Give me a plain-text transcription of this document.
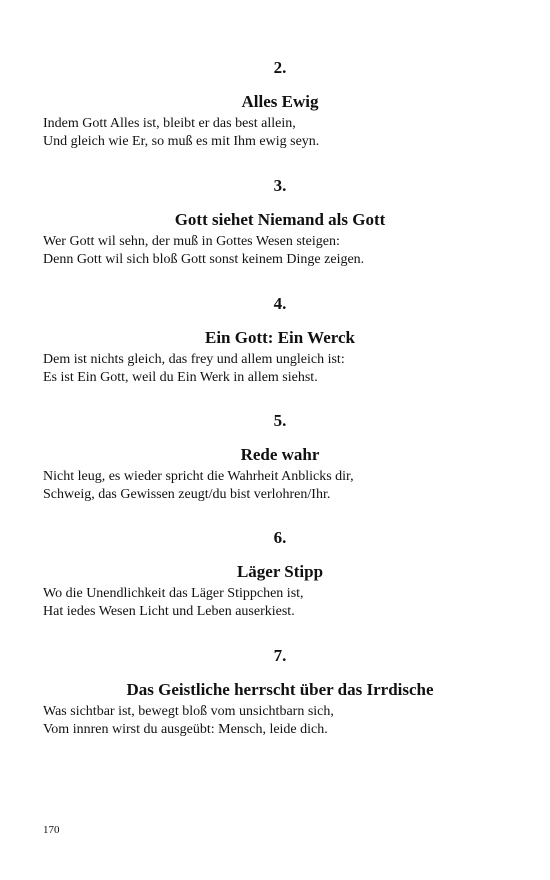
2.
Alles Ewig
Indem Gott Alles ist, bleibt er das best allein,
Und gleich wie Er, so muß es mit Ihm ewig seyn.
3.
Gott siehet Niemand als Gott
Wer Gott wil sehn, der muß in Gottes Wesen steigen:
Denn Gott wil sich bloß Gott sonst keinem Dinge zeigen.
4.
Ein Gott: Ein Werck
Dem ist nichts gleich, das frey und allem ungleich ist:
Es ist Ein Gott, weil du Ein Werk in allem siehst.
5.
Rede wahr
Nicht leug, es wieder spricht die Wahrheit Anblicks dir,
Schweig, das Gewissen zeugt/du bist verlohren/Ihr.
6.
Läger Stipp
Wo die Unendlichkeit das Läger Stippchen ist,
Hat iedes Wesen Licht und Leben auserkiest.
7.
Das Geistliche herrscht über das Irrdische
Was sichtbar ist, bewegt bloß vom unsichtbarn sich,
Vom innren wirst du ausgeübt: Mensch, leide dich.
170
